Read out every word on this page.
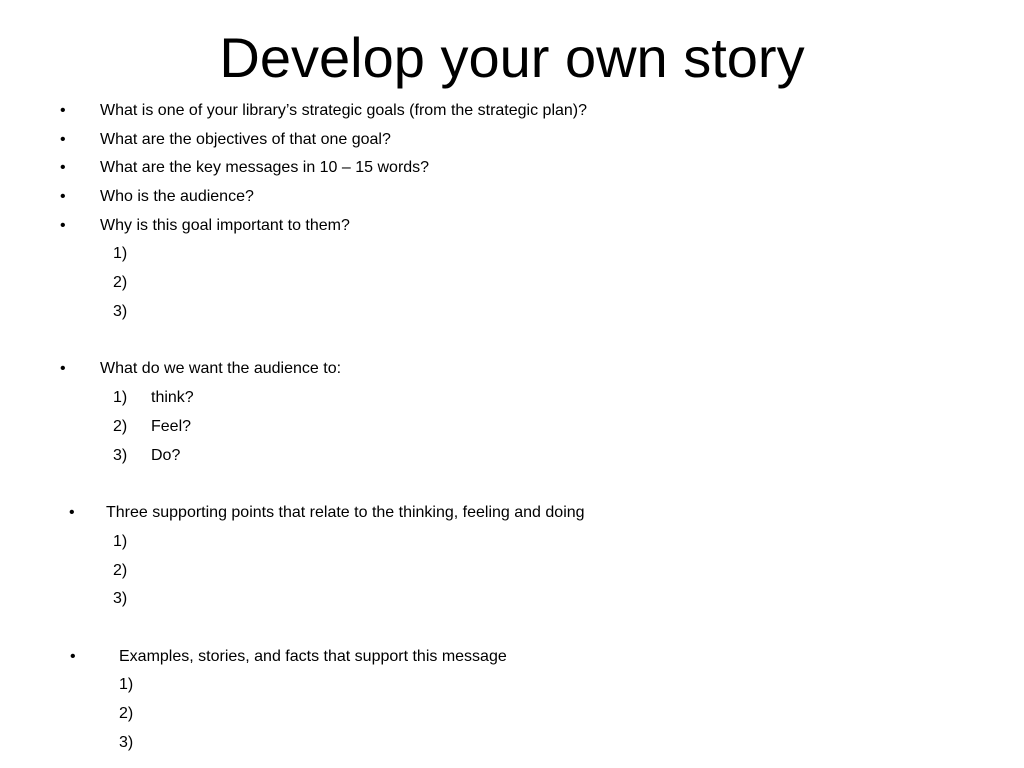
Develop your own story
• What is one of your library’s strategic goals (from the strategic plan)?
• What are the objectives of that one goal?
• What are the key messages in 10 – 15 words?
• Who is the audience?
• Why is this goal important to them?
1)
2)
3)
• What do we want the audience to:
1) think?
2) Feel?
3) Do?
• Three supporting points that relate to the thinking, feeling and doing
1)
2)
3)
•	Examples, stories, and facts that support this message
1)
2)
3)
